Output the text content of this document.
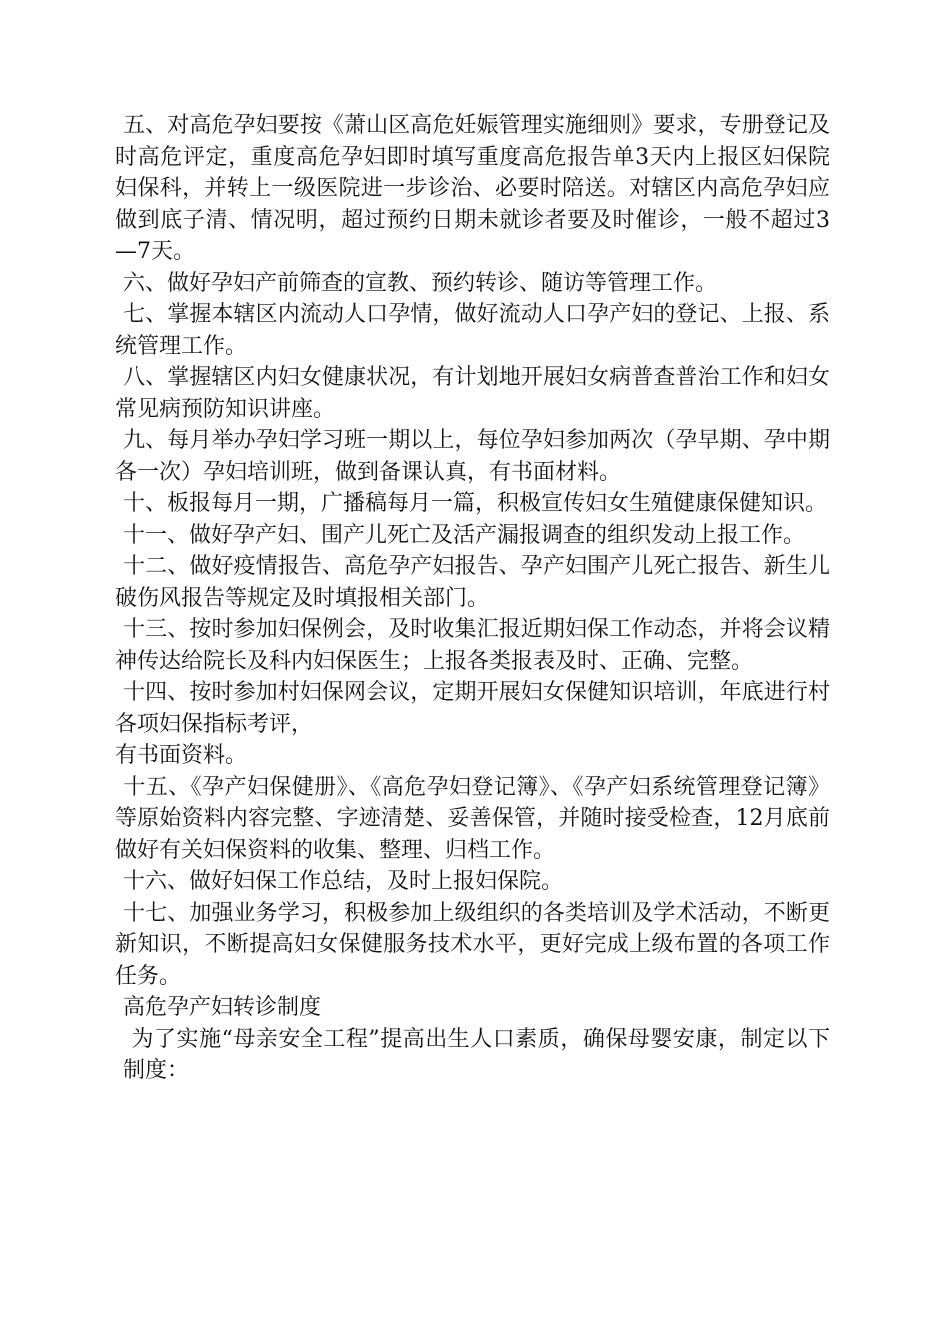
五、对高危孕妇要按《萧山区高危妊娠管理实施细则》要求，专册登记及时高危评定，重度高危孕妇即时填写重度高危报告单3天内上报区妇保院妇保科，并转上一级医院进一步诊治、必要时陪送。对辖区内高危孕妇应做到底子清、情况明，超过预约日期未就诊者要及时催诊，一般不超过3—7天。

六、做好孕妇产前筛查的宣教、预约转诊、随访等管理工作。

七、掌握本辖区内流动人口孕情，做好流动人口孕产妇的登记、上报、系统管理工作。

八、掌握辖区内妇女健康状况，有计划地开展妇女病普查普治工作和妇女常见病预防知识讲座。

九、每月举办孕妇学习班一期以上，每位孕妇参加两次（孕早期、孕中期各一次）孕妇培训班，做到备课认真，有书面材料。

十、板报每月一期，广播稿每月一篇，积极宣传妇女生殖健康保健知识。

十一、做好孕产妇、围产儿死亡及活产漏报调查的组织发动上报工作。

十二、做好疫情报告、高危孕产妇报告、孕产妇围产儿死亡报告、新生儿破伤风报告等规定及时填报相关部门。

十三、按时参加妇保例会，及时收集汇报近期妇保工作动态，并将会议精神传达给院长及科内妇保医生；上报各类报表及时、正确、完整。

十四、按时参加村妇保网会议，定期开展妇女保健知识培训，年底进行村各项妇保指标考评，

有书面资料。

十五、《孕产妇保健册》、《高危孕妇登记簿》、《孕产妇系统管理登记簿》等原始资料内容完整、字迹清楚、妥善保管，并随时接受检查，12月底前做好有关妇保资料的收集、整理、归档工作。

十六、做好妇保工作总结，及时上报妇保院。

十七、加强业务学习，积极参加上级组织的各类培训及学术活动，不断更新知识，不断提高妇女保健服务技术水平，更好完成上级布置的各项工作任务。

高危孕产妇转诊制度

为了实施“母亲安全工程”提高出生人口素质，确保母婴安康，制定以下制度：
